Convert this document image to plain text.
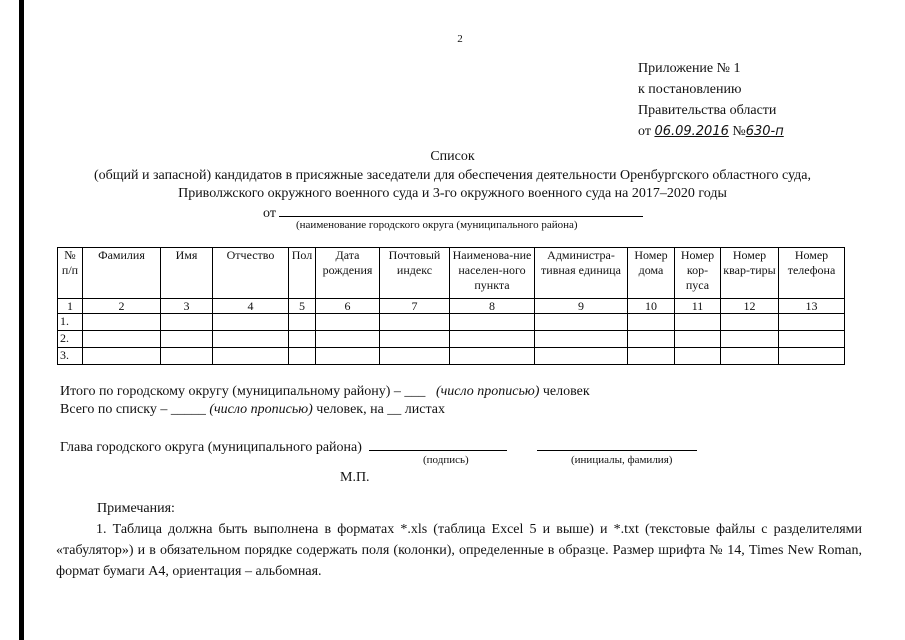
2
Приложение № 1
к постановлению
Правительства области
от 06.09.2016 №630-п
Список
(общий и запасной) кандидатов в присяжные заседатели для обеспечения деятельности Оренбургского областного суда,
Приволжского окружного военного суда и 3-го окружного военного суда на 2017–2020 годы
от
(наименование городского округа (муниципального района)
№ п/п	Фамилия	Имя	Отчество	Пол	Дата рождения	Почтовый индекс	Наименова-ние населен-ного пункта	Администра-тивная единица	Номер дома	Номер кор-пуса	Номер квар-тиры	Номер телефона
1	2	3	4	5	6	7	8	9	10	11	12	13
1.												
2.												
3.												
Итого по городскому округу (муниципальному району) – ___ (число прописью) человек
Всего по списку – _____ (число прописью) человек, на __ листах
Глава городского округа (муниципального района)
(подпись)	(инициалы, фамилия)
М.П.
Примечания:
1. Таблица должна быть выполнена в форматах *.xls (таблица Excel 5 и выше) и *.txt (текстовые файлы с разделителями «табулятор») и в обязательном порядке содержать поля (колонки), определенные в образце. Размер шрифта № 14, Times New Roman, формат бумаги А4, ориентация – альбомная.
